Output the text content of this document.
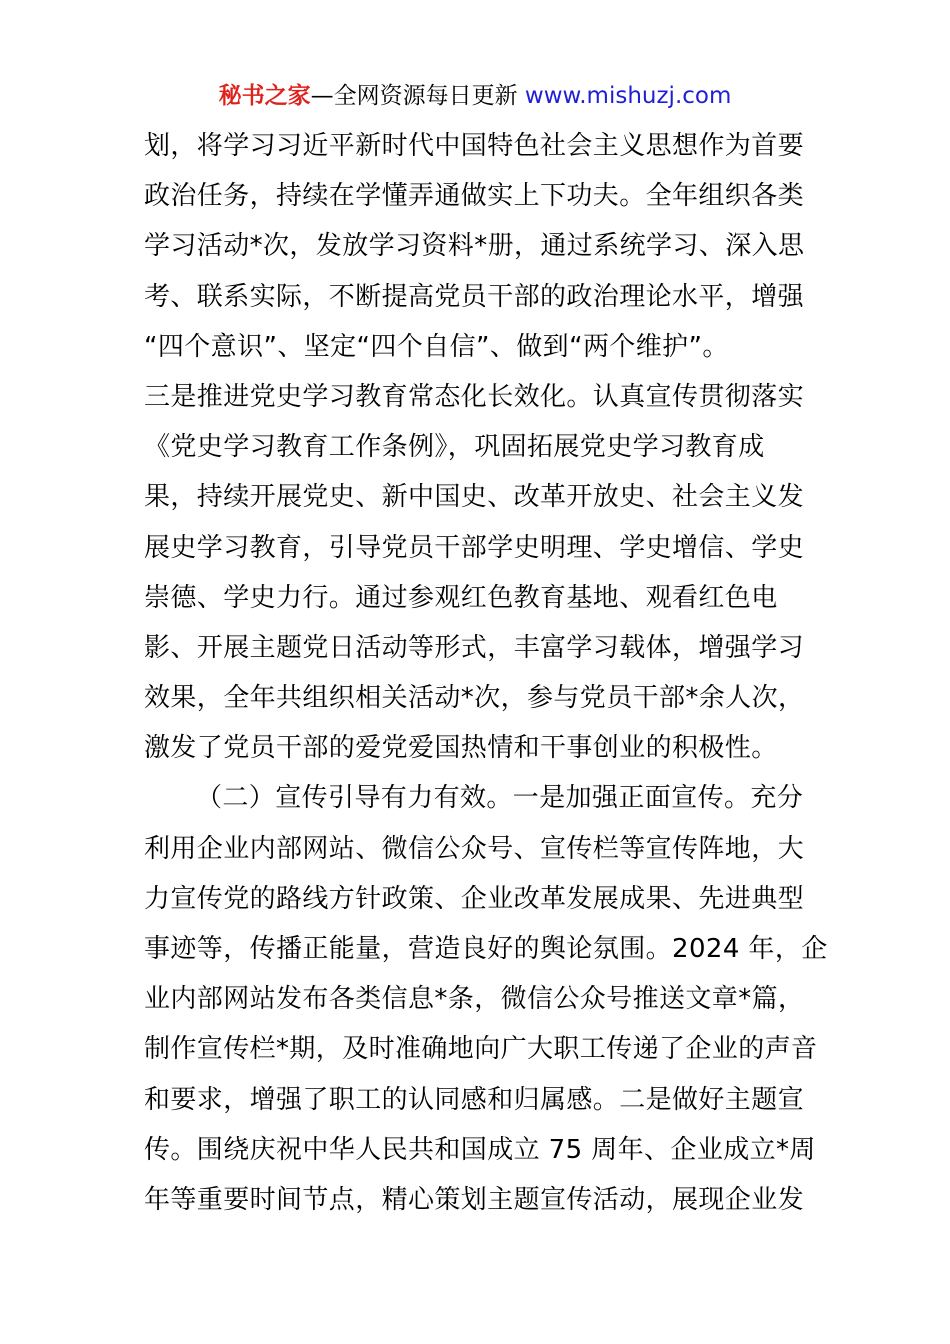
秘书之家—全网资源每日更新 www.mishuzj.com
划，将学习习近平新时代中国特色社会主义思想作为首要
政治任务，持续在学懂弄通做实上下功夫。全年组织各类
学习活动*次，发放学习资料*册，通过系统学习、深入思
考、联系实际，不断提高党员干部的政治理论水平，增强
“四个意识”、坚定“四个自信”、做到“两个维护”。
三是推进党史学习教育常态化长效化。认真宣传贯彻落实
《党史学习教育工作条例》，巩固拓展党史学习教育成
果，持续开展党史、新中国史、改革开放史、社会主义发
展史学习教育，引导党员干部学史明理、学史增信、学史
崇德、学史力行。通过参观红色教育基地、观看红色电
影、开展主题党日活动等形式，丰富学习载体，增强学习
效果，全年共组织相关活动*次，参与党员干部*余人次，
激发了党员干部的爱党爱国热情和干事创业的积极性。
（二）宣传引导有力有效。一是加强正面宣传。充分
利用企业内部网站、微信公众号、宣传栏等宣传阵地，大
力宣传党的路线方针政策、企业改革发展成果、先进典型
事迹等，传播正能量，营造良好的舆论氛围。2024 年，企
业内部网站发布各类信息*条，微信公众号推送文章*篇，
制作宣传栏*期，及时准确地向广大职工传递了企业的声音
和要求，增强了职工的认同感和归属感。二是做好主题宣
传。围绕庆祝中华人民共和国成立 75 周年、企业成立*周
年等重要时间节点，精心策划主题宣传活动，展现企业发
